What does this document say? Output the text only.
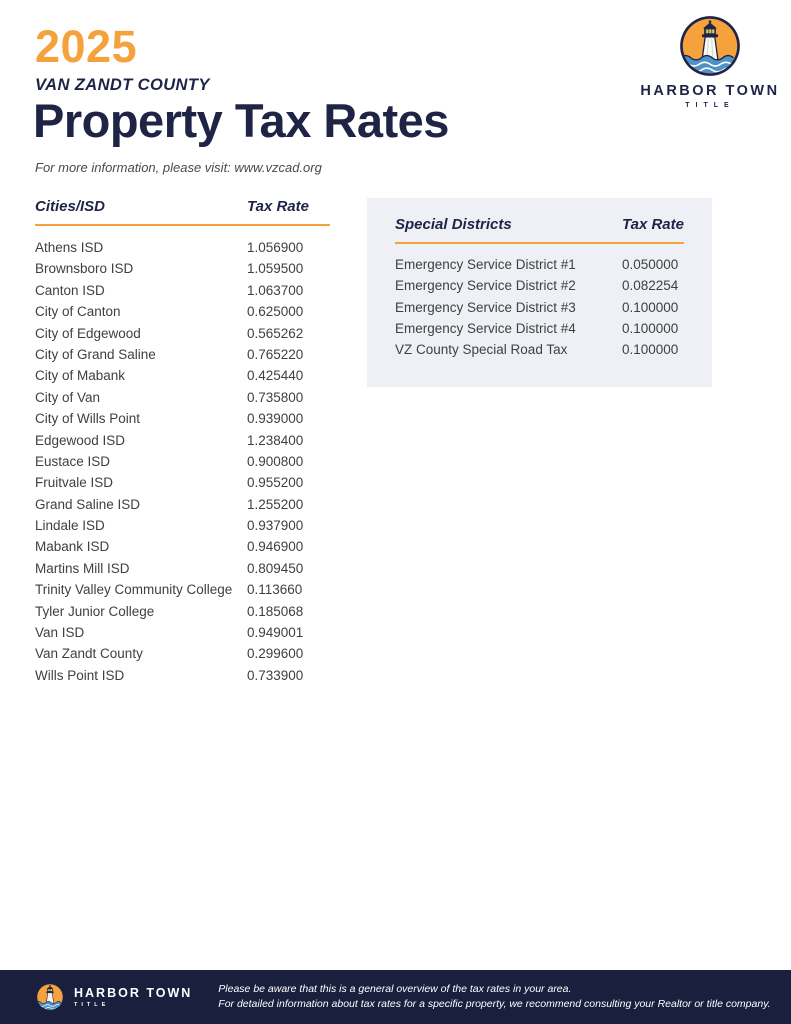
2025
VAN ZANDT COUNTY
Property Tax Rates
For more information, please visit: www.vzcad.org
HARBOR TOWN
TITLE
Cities/ISD	Tax Rate
Athens ISD	1.056900
Brownsboro ISD	1.059500
Canton ISD	1.063700
City of Canton	0.625000
City of Edgewood	0.565262
City of Grand Saline	0.765220
City of Mabank	0.425440
City of Van	0.735800
City of Wills Point	0.939000
Edgewood ISD	1.238400
Eustace ISD	0.900800
Fruitvale ISD	0.955200
Grand Saline ISD	1.255200
Lindale ISD	0.937900
Mabank ISD	0.946900
Martins Mill ISD	0.809450
Trinity Valley Community College	0.113660
Tyler Junior College	0.185068
Van ISD	0.949001
Van Zandt County	0.299600
Wills Point ISD	0.733900
Special Districts	Tax Rate
Emergency Service District #1	0.050000
Emergency Service District #2	0.082254
Emergency Service District #3	0.100000
Emergency Service District #4	0.100000
VZ County Special Road Tax	0.100000
HARBOR TOWN
TITLE
Please be aware that this is a general overview of the tax rates in your area.
For detailed information about tax rates for a specific property, we recommend consulting your Realtor or title company.
